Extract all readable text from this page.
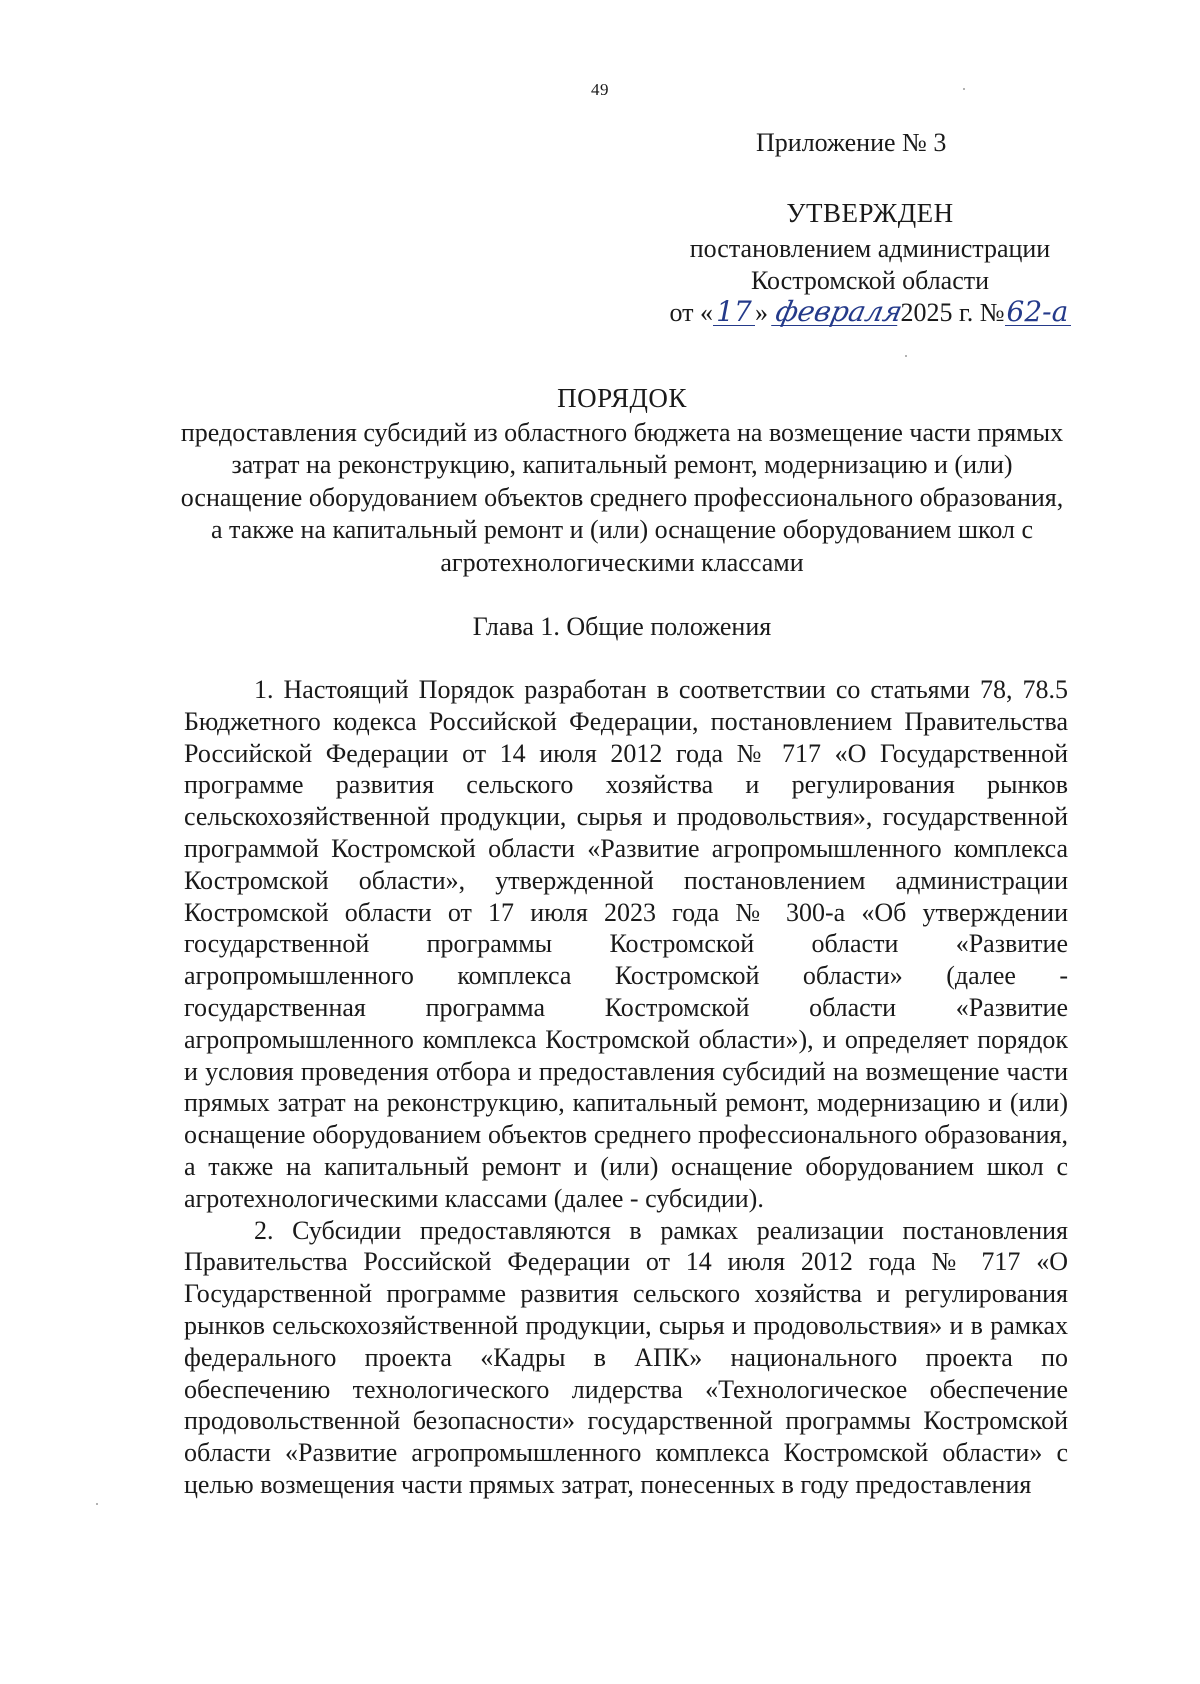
49
Приложение № 3
УТВЕРЖДЕН
постановлением администрации
Костромской области
от « 17 » февраля2025 г. №62-а
ПОРЯДОК
предоставления субсидий из областного бюджета на возмещение части прямых затрат на реконструкцию, капитальный ремонт, модернизацию и (или) оснащение оборудованием объектов среднего профессионального образования, а также на капитальный ремонт и (или) оснащение оборудованием школ с агротехнологическими классами
Глава 1. Общие положения

1. Настоящий Порядок разработан в соответствии со статьями 78, 78.5 Бюджетного кодекса Российской Федерации, постановлением Правительства Российской Федерации от 14 июля 2012 года № 717 «О Государственной программе развития сельского хозяйства и регулирования рынков сельскохозяйственной продукции, сырья и продовольствия», государственной программой Костромской области «Развитие агропромышленного комплекса Костромской области», утвержденной постановлением администрации Костромской области от 17 июля 2023 года № 300-а «Об утверждении государственной программы Костромской области «Развитие агропромышленного комплекса Костромской области» (далее - государственная программа Костромской области «Развитие агропромышленного комплекса Костромской области»), и определяет порядок и условия проведения отбора и предоставления субсидий на возмещение части прямых затрат на реконструкцию, капитальный ремонт, модернизацию и (или) оснащение оборудованием объектов среднего профессионального образования, а также на капитальный ремонт и (или) оснащение оборудованием школ с агротехнологическими классами (далее - субсидии).

2. Субсидии предоставляются в рамках реализации постановления Правительства Российской Федерации от 14 июля 2012 года № 717 «О Государственной программе развития сельского хозяйства и регулирования рынков сельскохозяйственной продукции, сырья и продовольствия» и в рамках федерального проекта «Кадры в АПК» национального проекта по обеспечению технологического лидерства «Технологическое обеспечение продовольственной безопасности» государственной программы Костромской области «Развитие агропромышленного комплекса Костромской области» с целью возмещения части прямых затрат, понесенных в году предоставления
